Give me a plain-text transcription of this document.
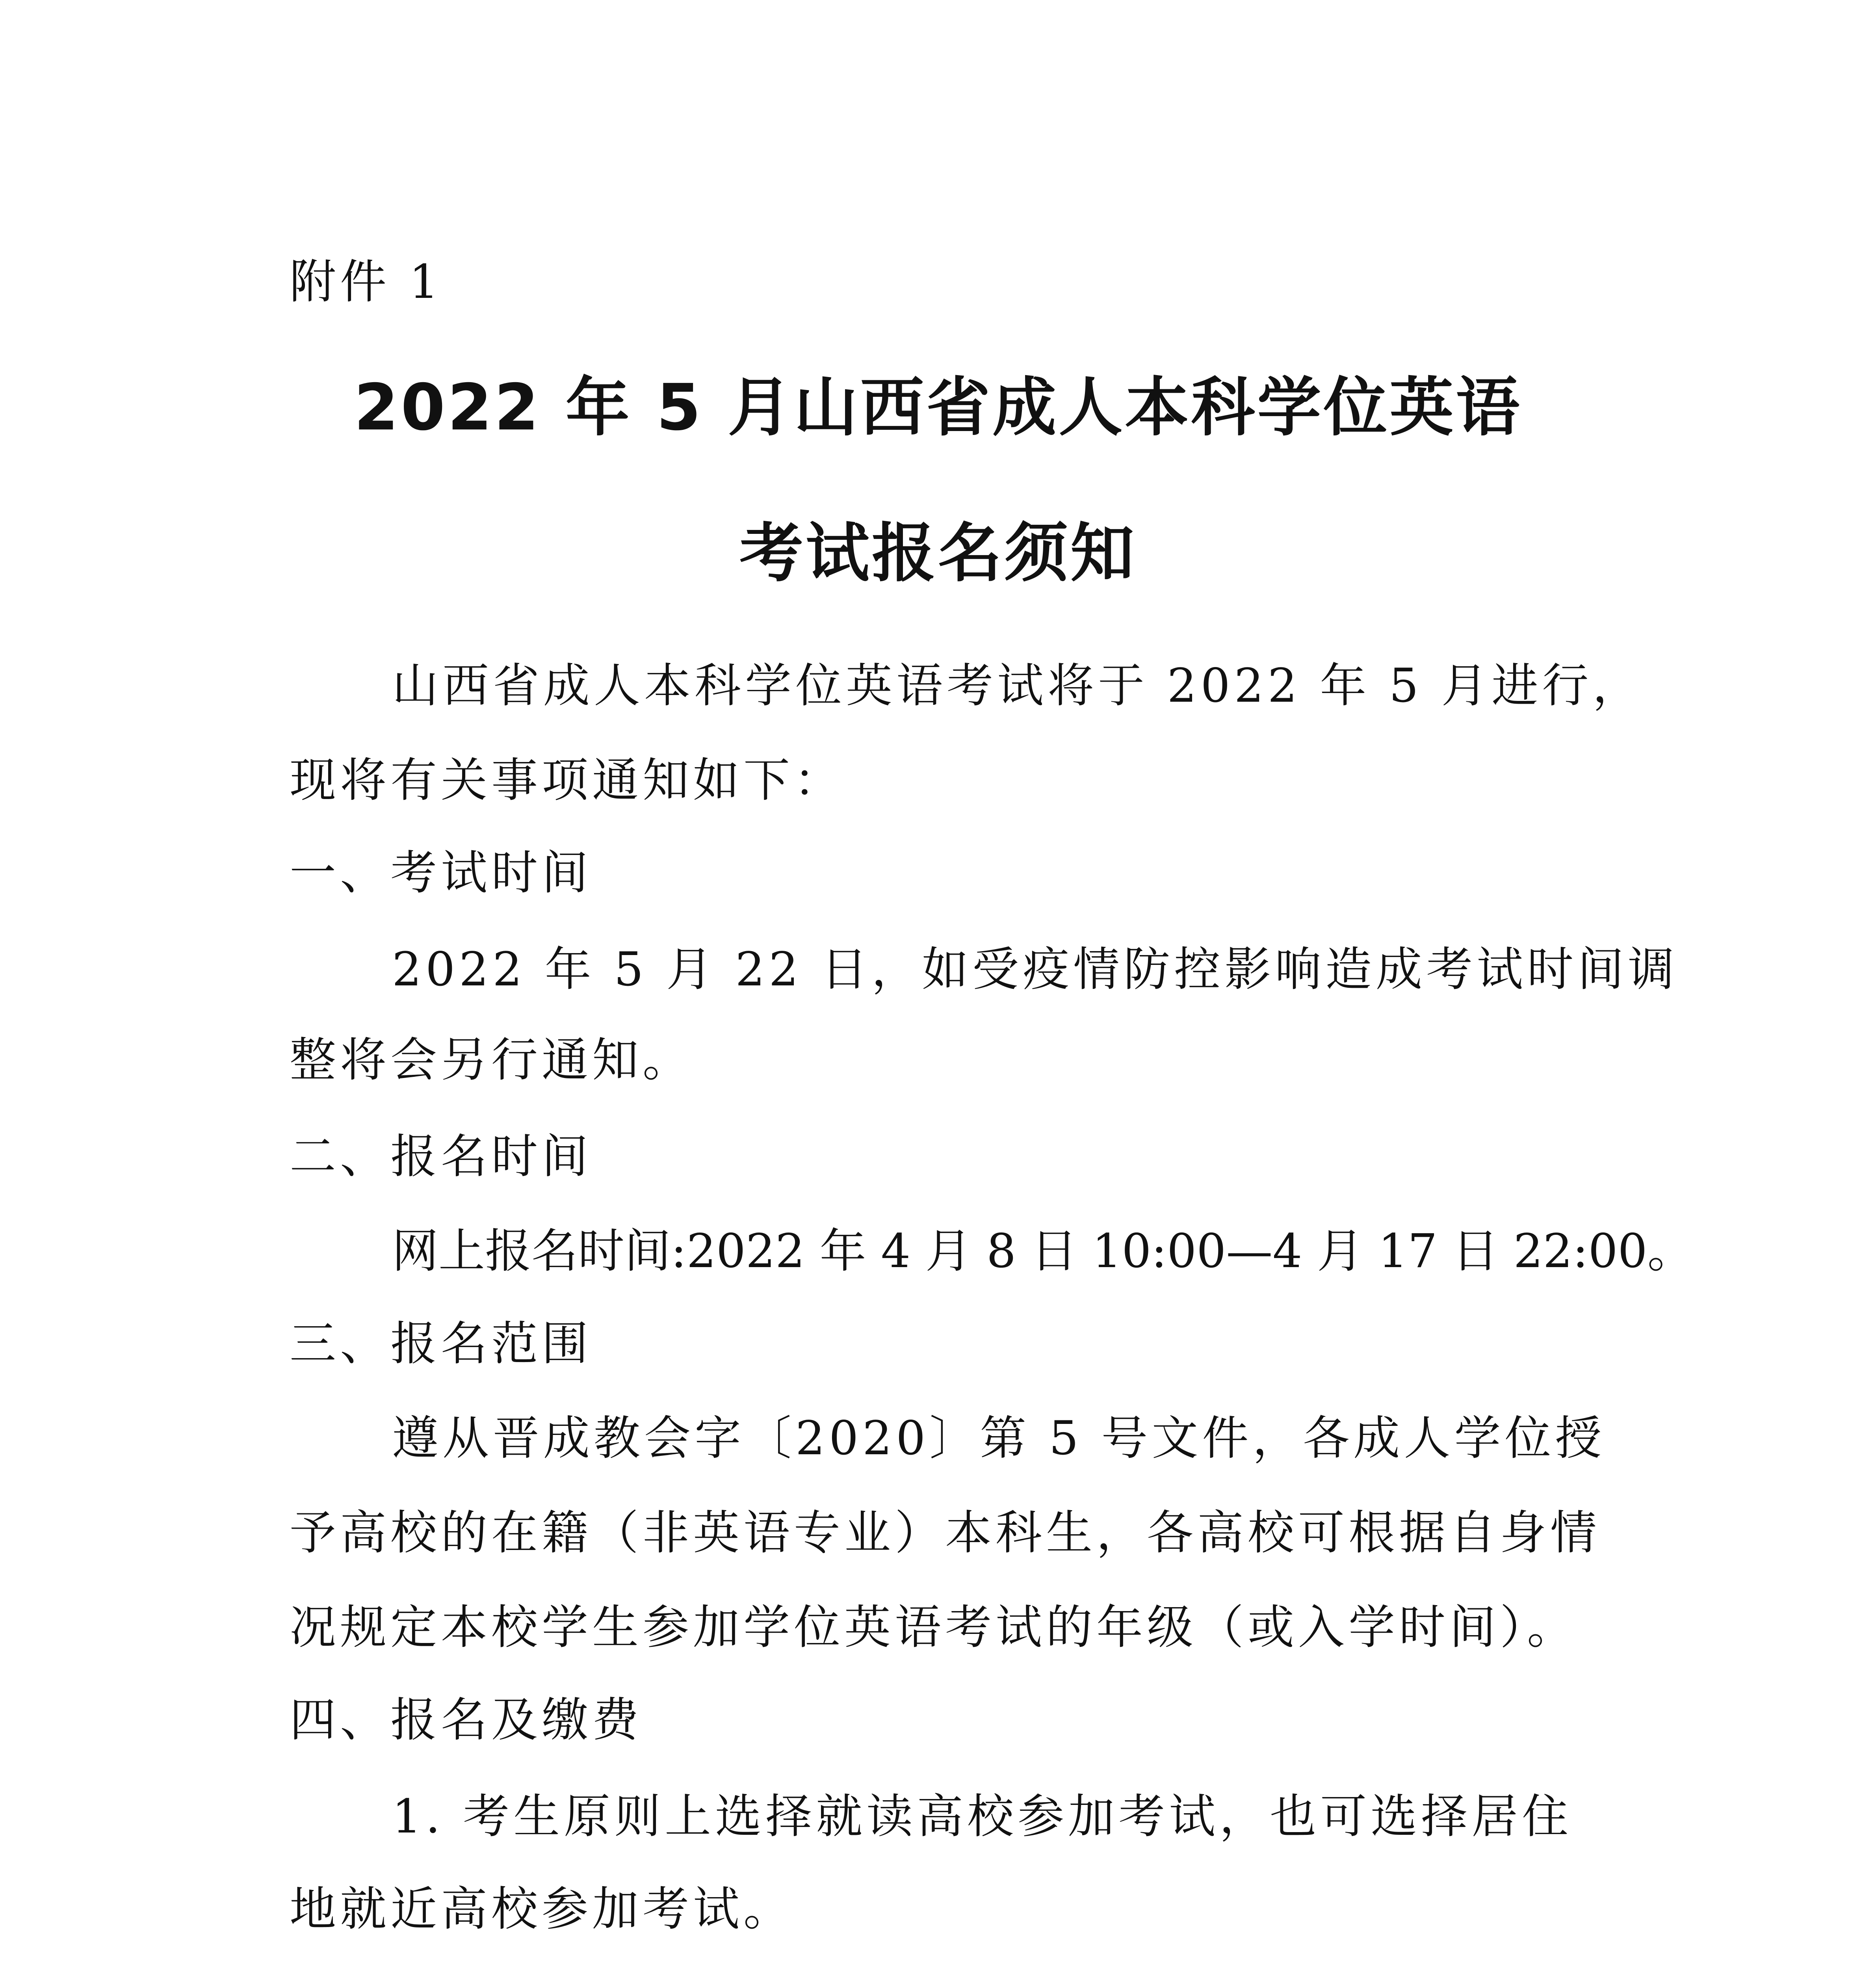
附件 1
2022 年 5 月山西省成人本科学位英语
考试报名须知
山西省成人本科学位英语考试将于 2022 年 5 月进行，
现将有关事项通知如下：
一、考试时间
2022 年 5 月 22 日，如受疫情防控影响造成考试时间调
整将会另行通知。
二、报名时间
网上报名时间:2022 年 4 月 8 日 10:00—4 月 17 日 22:00。
三、报名范围
遵从晋成教会字〔2020〕第 5 号文件，各成人学位授
予高校的在籍（非英语专业）本科生，各高校可根据自身情
况规定本校学生参加学位英语考试的年级（或入学时间）。
四、报名及缴费
1. 考生原则上选择就读高校参加考试，也可选择居住
地就近高校参加考试。
